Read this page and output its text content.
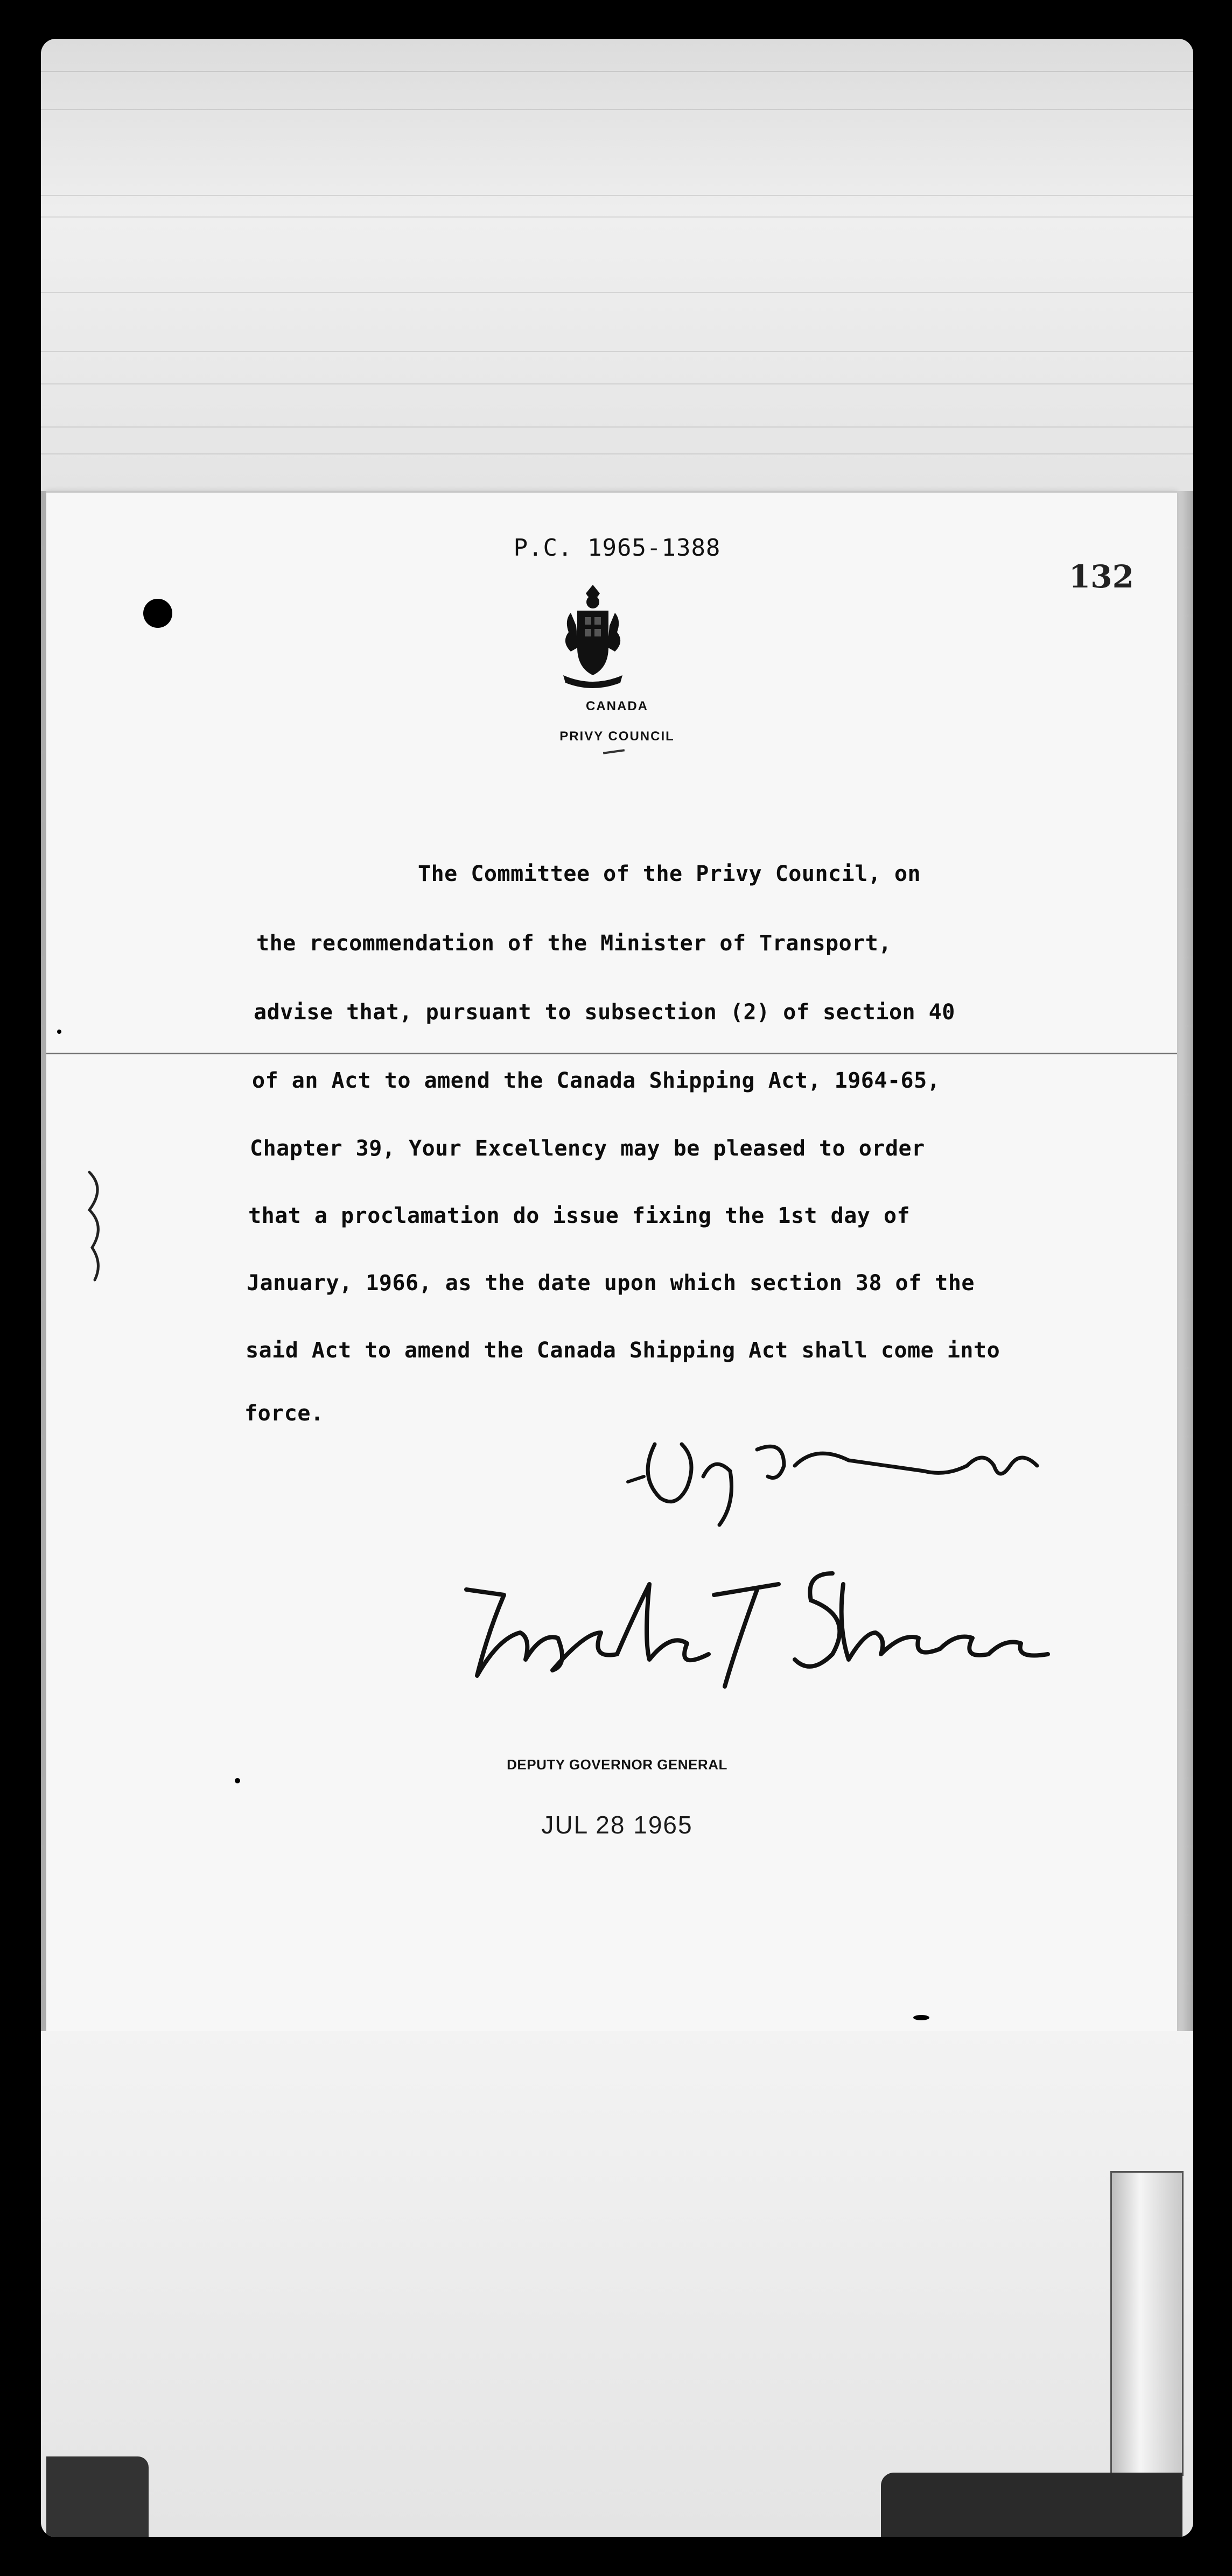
P.C. 1965-1388
132
CANADA
PRIVY COUNCIL
The Committee of the Privy Council, on
the recommendation of the Minister of Transport,
advise that, pursuant to subsection (2) of section 40
of an Act to amend the Canada Shipping Act, 1964-65,
Chapter 39, Your Excellency may be pleased to order
that a proclamation do issue fixing the 1st day of
January, 1966, as the date upon which section 38 of the
said Act to amend the Canada Shipping Act shall come into
force.
DEPUTY GOVERNOR GENERAL
JUL 28 1965
